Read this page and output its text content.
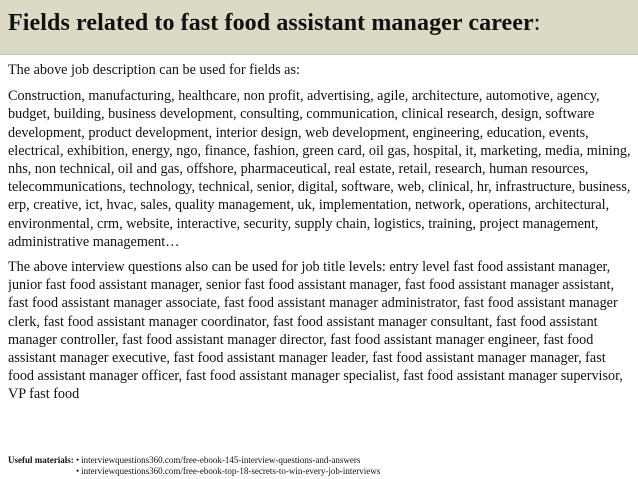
Fields related to fast food assistant manager career:

The above job description can be used for fields as:

Construction, manufacturing, healthcare, non profit, advertising, agile, architecture, automotive, agency, budget, building, business development, consulting, communication, clinical research, design, software development, product development, interior design, web development, engineering, education, events, electrical, exhibition, energy, ngo, finance, fashion, green card, oil gas, hospital, it, marketing, media, mining, nhs, non technical, oil and gas, offshore, pharmaceutical, real estate, retail, research, human resources, telecommunications, technology, technical, senior, digital, software, web, clinical, hr, infrastructure, business, erp, creative, ict, hvac, sales, quality management, uk, implementation, network, operations, architectural, environmental, crm, website, interactive, security, supply chain, logistics, training, project management, administrative management…

The above interview questions also can be used for job title levels: entry level fast food assistant manager, junior fast food assistant manager, senior fast food assistant manager, fast food assistant manager assistant, fast food assistant manager associate, fast food assistant manager administrator, fast food assistant manager clerk, fast food assistant manager coordinator, fast food assistant manager consultant, fast food assistant manager controller, fast food assistant manager director, fast food assistant manager engineer, fast food assistant manager executive, fast food assistant manager leader, fast food assistant manager manager, fast food assistant manager officer, fast food assistant manager specialist, fast food assistant manager supervisor, VP fast food

Useful materials: • interviewquestions360.com/free-ebook-145-interview-questions-and-answers
• interviewquestions360.com/free-ebook-top-18-secrets-to-win-every-job-interviews
